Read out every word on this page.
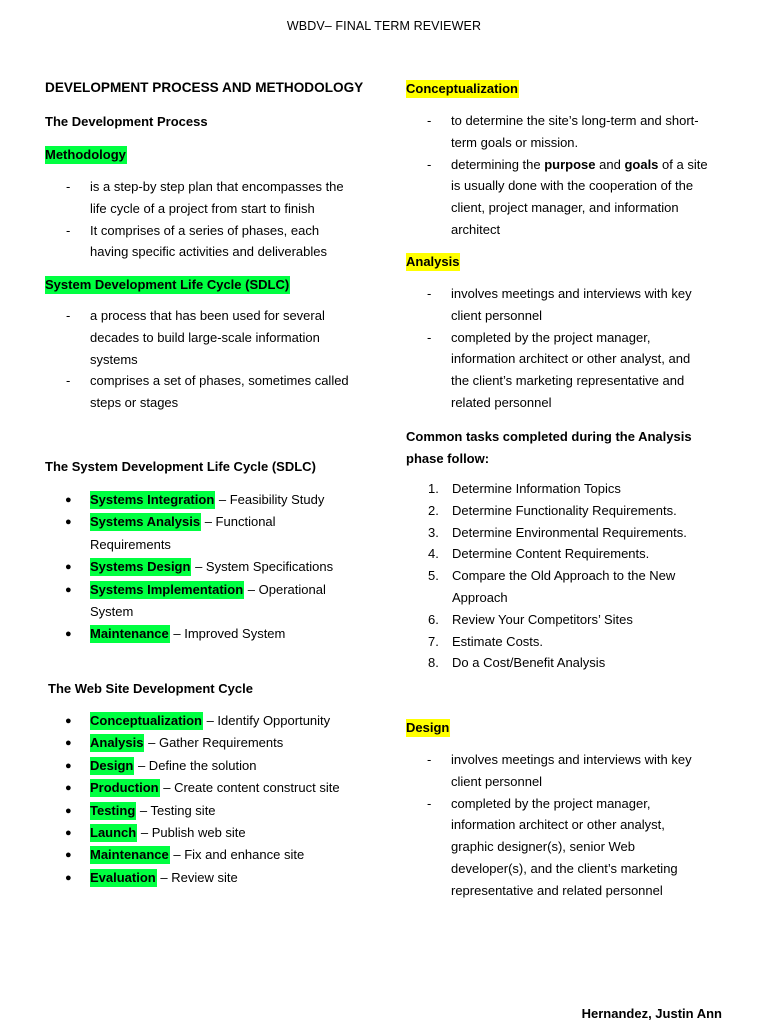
WBDV– FINAL TERM REVIEWER
DEVELOPMENT PROCESS AND METHODOLOGY
The Development Process
Methodology
- is a step-by step plan that encompasses the
life cycle of a project from start to finish
- It comprises of a series of phases, each
having specific activities and deliverables
System Development Life Cycle (SDLC)
- a process that has been used for several
decades to build large-scale information
systems
- comprises a set of phases, sometimes called
steps or stages
The System Development Life Cycle (SDLC)
● Systems Integration – Feasibility Study
● Systems Analysis – Functional
Requirements
● Systems Design – System Specifications
● Systems Implementation – Operational
System
● Maintenance – Improved System
The Web Site Development Cycle
● Conceptualization – Identify Opportunity
● Analysis – Gather Requirements
● Design – Define the solution
● Production – Create content construct site
● Testing – Testing site
● Launch – Publish web site
● Maintenance – Fix and enhance site
● Evaluation – Review site
Conceptualization
- to determine the site’s long-term and short-
term goals or mission.
- determining the purpose and goals of a site
is usually done with the cooperation of the
client, project manager, and information
architect
Analysis
- involves meetings and interviews with key
client personnel
- completed by the project manager,
information architect or other analyst, and
the client’s marketing representative and
related personnel
Common tasks completed during the Analysis
phase follow:
1. Determine Information Topics
2. Determine Functionality Requirements.
3. Determine Environmental Requirements.
4. Determine Content Requirements.
5. Compare the Old Approach to the New
Approach
6. Review Your Competitors’ Sites
7. Estimate Costs.
8. Do a Cost/Benefit Analysis
Design
- involves meetings and interviews with key
client personnel
- completed by the project manager,
information architect or other analyst,
graphic designer(s), senior Web
developer(s), and the client’s marketing
representative and related personnel
Hernandez, Justin Ann
